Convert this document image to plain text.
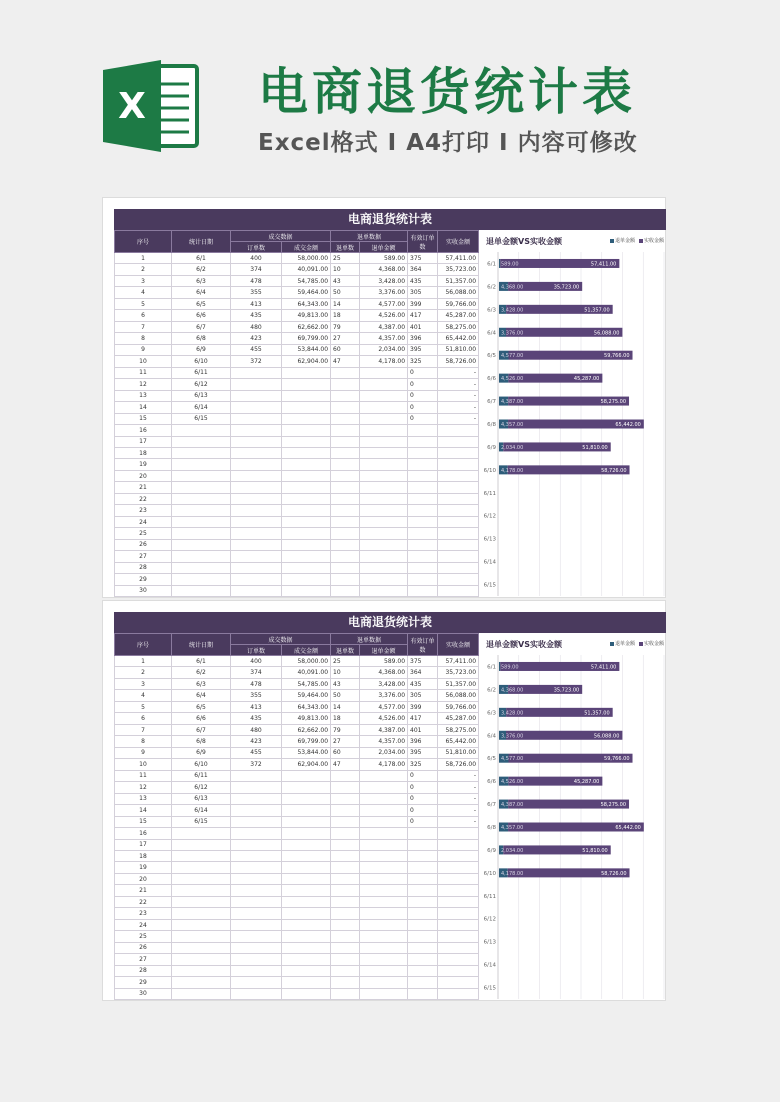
X 电商退货统计表
Excel格式 I A4打印 I 内容可修改
电商退货统计表
序号	统计日期	成交数据		退单数据		有效订单数	实收金额
		订单数	成交金额	退单数	退单金额		
1	6/1	400	58,000.00	25	589.00	375	57,411.00
2	6/2	374	40,091.00	10	4,368.00	364	35,723.00
3	6/3	478	54,785.00	43	3,428.00	435	51,357.00
4	6/4	355	59,464.00	50	3,376.00	305	56,088.00
5	6/5	413	64,343.00	14	4,577.00	399	59,766.00
6	6/6	435	49,813.00	18	4,526.00	417	45,287.00
7	6/7	480	62,662.00	79	4,387.00	401	58,275.00
8	6/8	423	69,799.00	27	4,357.00	396	65,442.00
9	6/9	455	53,844.00	60	2,034.00	395	51,810.00
10	6/10	372	62,904.00	47	4,178.00	325	58,726.00
11	6/11					0	-
12	6/12					0	-
13	6/13					0	-
14	6/14					0	-
15	6/15					0	-
16							
17							
18							
19							
20							
21							
22							
23							
24							
25							
26							
27							
28							
29							
30							
6/1 589.00	57,411.00
6/2 4,368.00	35,723.00
6/3 3,428.00	51,357.00
6/4 3,376.00	56,088.00
6/5 4,577.00	59,766.00
6/6 4,526.00	45,287.00
6/7 4,387.00	58,275.00
6/8 4,357.00	65,442.00
6/9 2,034.00	51,810.00
6/10 4,178.00	58,726.00
6/11
6/12
6/13
6/14
6/15
退单金额VS实收金额	退单金额	实收金额
电商退货统计表
序号	统计日期	成交数据		退单数据		有效订单数	实收金额
		订单数	成交金额	退单数	退单金额		
1	6/1	400	58,000.00	25	589.00	375	57,411.00
2	6/2	374	40,091.00	10	4,368.00	364	35,723.00
3	6/3	478	54,785.00	43	3,428.00	435	51,357.00
4	6/4	355	59,464.00	50	3,376.00	305	56,088.00
5	6/5	413	64,343.00	14	4,577.00	399	59,766.00
6	6/6	435	49,813.00	18	4,526.00	417	45,287.00
7	6/7	480	62,662.00	79	4,387.00	401	58,275.00
8	6/8	423	69,799.00	27	4,357.00	396	65,442.00
9	6/9	455	53,844.00	60	2,034.00	395	51,810.00
10	6/10	372	62,904.00	47	4,178.00	325	58,726.00
11	6/11					0	-
12	6/12					0	-
13	6/13					0	-
14	6/14					0	-
15	6/15					0	-
16							
17							
18							
19							
20							
21							
22							
23							
24							
25							
26							
27							
28							
29							
30							
6/1 589.00	57,411.00
6/2 4,368.00	35,723.00
6/3 3,428.00	51,357.00
6/4 3,376.00	56,088.00
6/5 4,577.00	59,766.00
6/6 4,526.00	45,287.00
6/7 4,387.00	58,275.00
6/8 4,357.00	65,442.00
6/9 2,034.00	51,810.00
6/10 4,178.00	58,726.00
6/11
6/12
6/13
6/14
6/15
退单金额VS实收金额	退单金额	实收金额
